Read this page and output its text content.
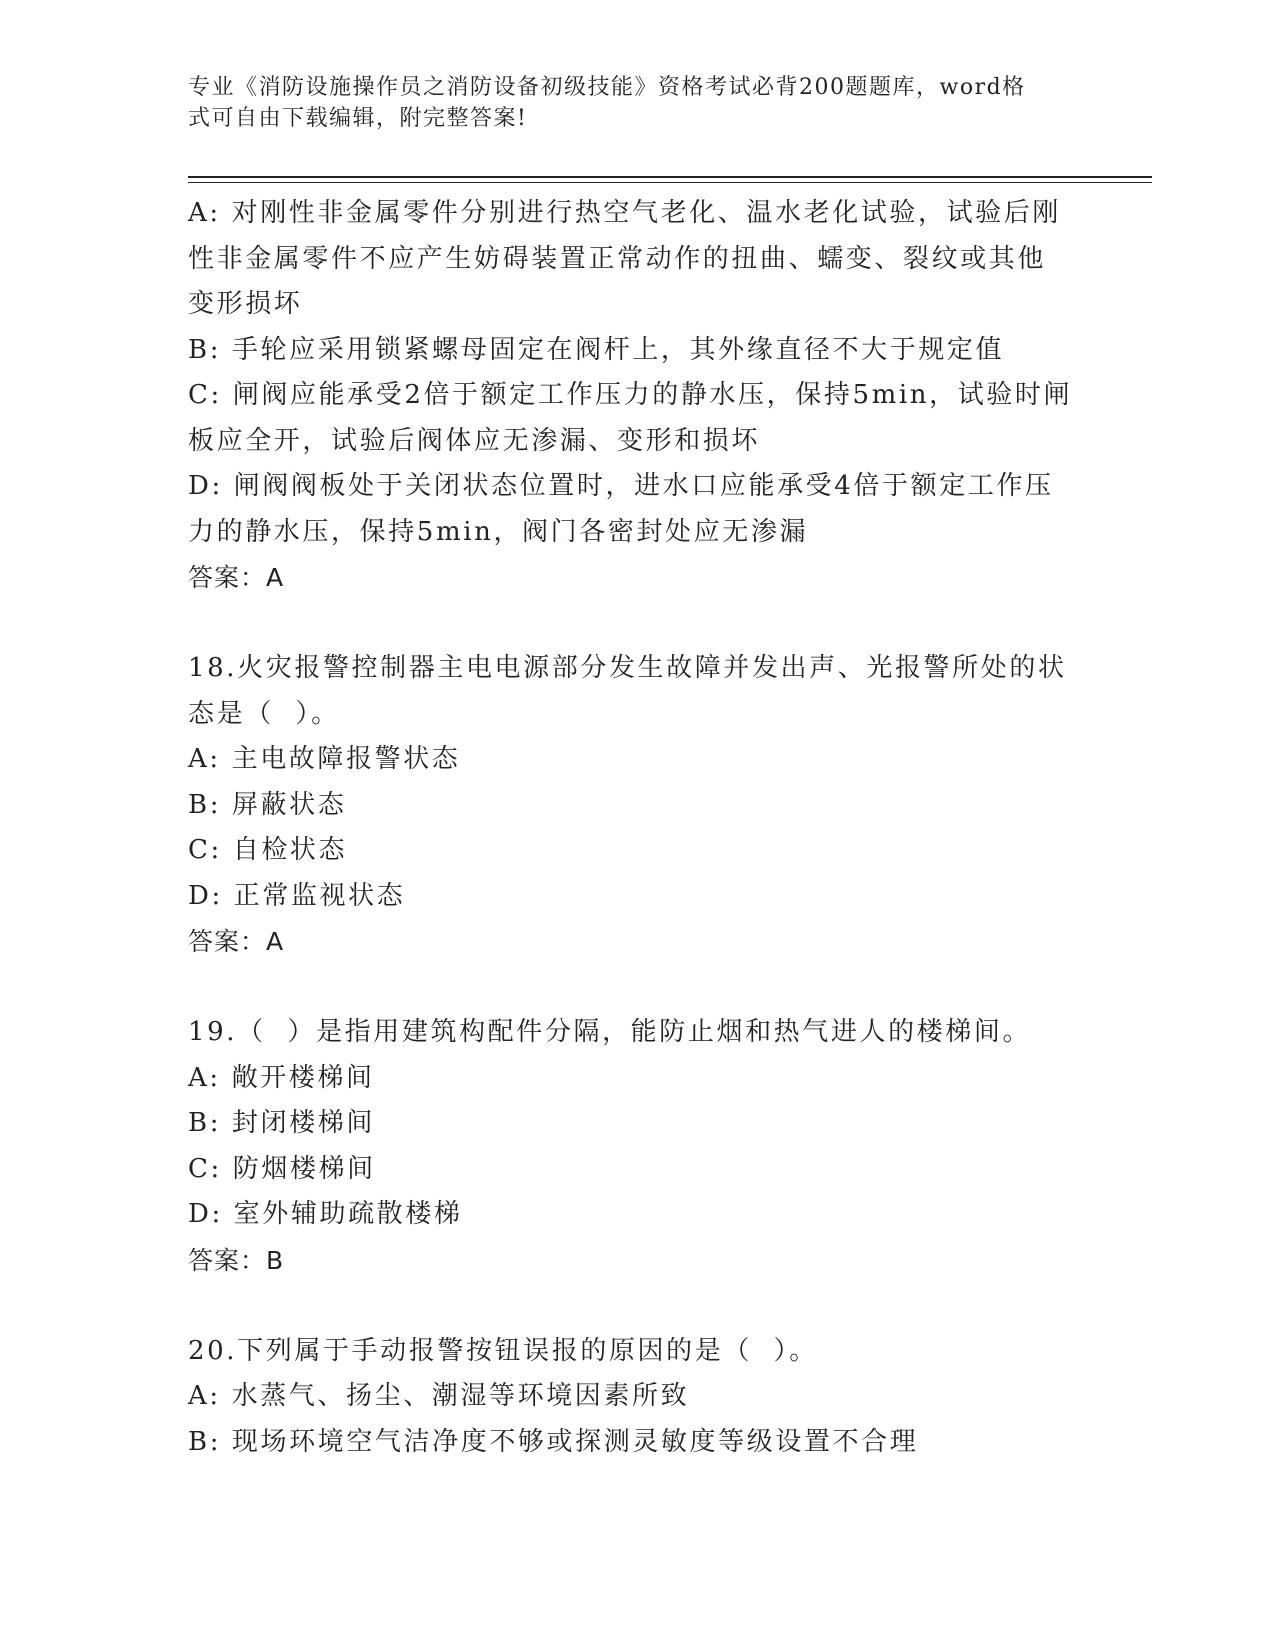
专业《消防设施操作员之消防设备初级技能》资格考试必背200题题库，word格
式可自由下载编辑，附完整答案!
A: 对刚性非金属零件分别进行热空气老化、温水老化试验，试验后刚
性非金属零件不应产生妨碍装置正常动作的扭曲、蠕变、裂纹或其他
变形损坏
B: 手轮应采用锁紧螺母固定在阀杆上，其外缘直径不大于规定值
C: 闸阀应能承受2倍于额定工作压力的静水压，保持5min，试验时闸
板应全开，试验后阀体应无渗漏、变形和损坏
D: 闸阀阀板处于关闭状态位置时，进水口应能承受4倍于额定工作压
力的静水压，保持5min，阀门各密封处应无渗漏
答案：A
18.火灾报警控制器主电电源部分发生故障并发出声、光报警所处的状
态是（  ）。
A: 主电故障报警状态
B: 屏蔽状态
C: 自检状态
D: 正常监视状态
答案：A
19.（  ）是指用建筑构配件分隔，能防止烟和热气进人的楼梯间。
A: 敞开楼梯间
B: 封闭楼梯间
C: 防烟楼梯间
D: 室外辅助疏散楼梯
答案：B
20.下列属于手动报警按钮误报的原因的是（  ）。
A: 水蒸气、扬尘、潮湿等环境因素所致
B: 现场环境空气洁净度不够或探测灵敏度等级设置不合理
